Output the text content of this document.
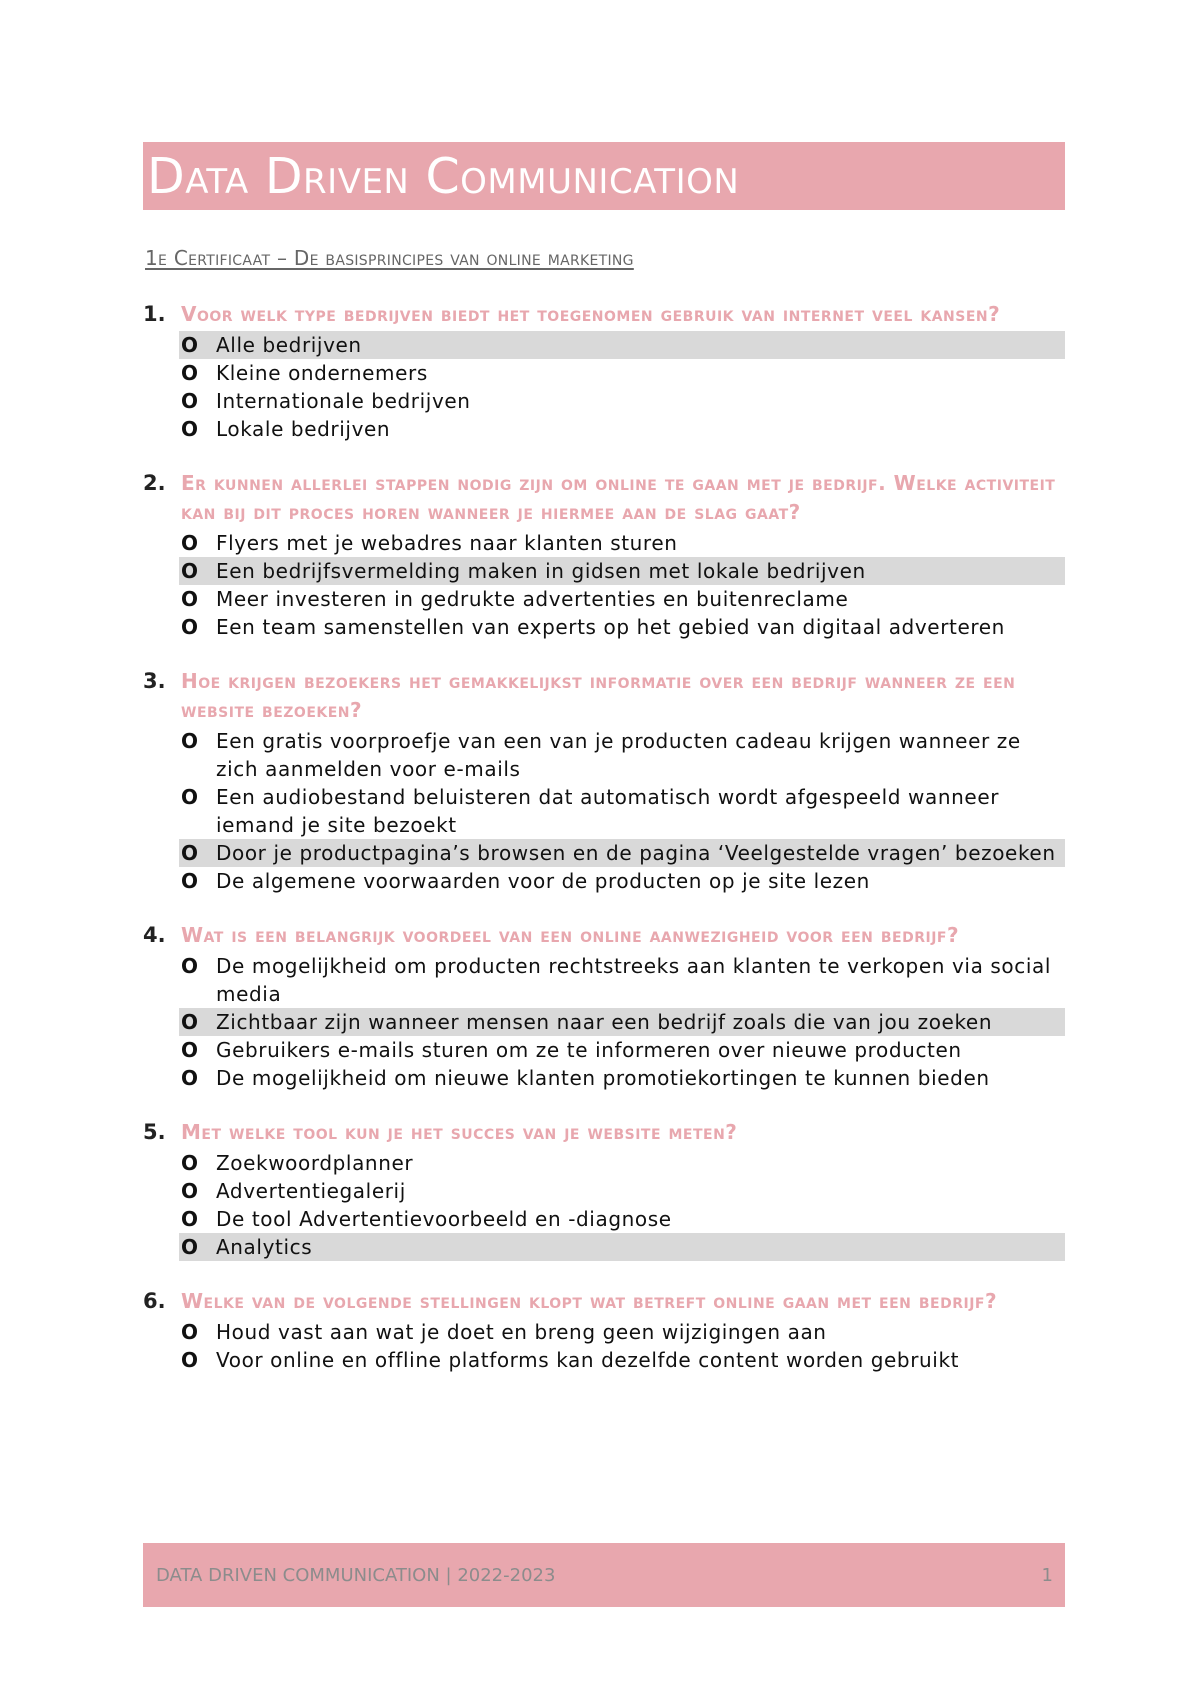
Data Driven Communication
1e Certificaat – De basisprincipes van online marketing
1. Voor welk type bedrijven biedt het toegenomen gebruik van internet veel kansen?
O Alle bedrijven
O Kleine ondernemers
O Internationale bedrijven
O Lokale bedrijven
2. Er kunnen allerlei stappen nodig zijn om online te gaan met je bedrijf. Welke activiteit kan bij dit proces horen wanneer je hiermee aan de slag gaat?
O Flyers met je webadres naar klanten sturen
O Een bedrijfsvermelding maken in gidsen met lokale bedrijven
O Meer investeren in gedrukte advertenties en buitenreclame
O Een team samenstellen van experts op het gebied van digitaal adverteren
3. Hoe krijgen bezoekers het gemakkelijkst informatie over een bedrijf wanneer ze een website bezoeken?
O Een gratis voorproefje van een van je producten cadeau krijgen wanneer ze zich aanmelden voor e-mails
O Een audiobestand beluisteren dat automatisch wordt afgespeeld wanneer iemand je site bezoekt
O Door je productpagina’s browsen en de pagina ‘Veelgestelde vragen’ bezoeken
O De algemene voorwaarden voor de producten op je site lezen
4. Wat is een belangrijk voordeel van een online aanwezigheid voor een bedrijf?
O De mogelijkheid om producten rechtstreeks aan klanten te verkopen via social media
O Zichtbaar zijn wanneer mensen naar een bedrijf zoals die van jou zoeken
O Gebruikers e-mails sturen om ze te informeren over nieuwe producten
O De mogelijkheid om nieuwe klanten promotiekortingen te kunnen bieden
5. Met welke tool kun je het succes van je website meten?
O Zoekwoordplanner
O Advertentiegalerij
O De tool Advertentievoorbeeld en -diagnose
O Analytics
6. Welke van de volgende stellingen klopt wat betreft online gaan met een bedrijf?
O Houd vast aan wat je doet en breng geen wijzigingen aan
O Voor online en offline platforms kan dezelfde content worden gebruikt
DATA DRIVEN COMMUNICATION | 2022-2023	1
